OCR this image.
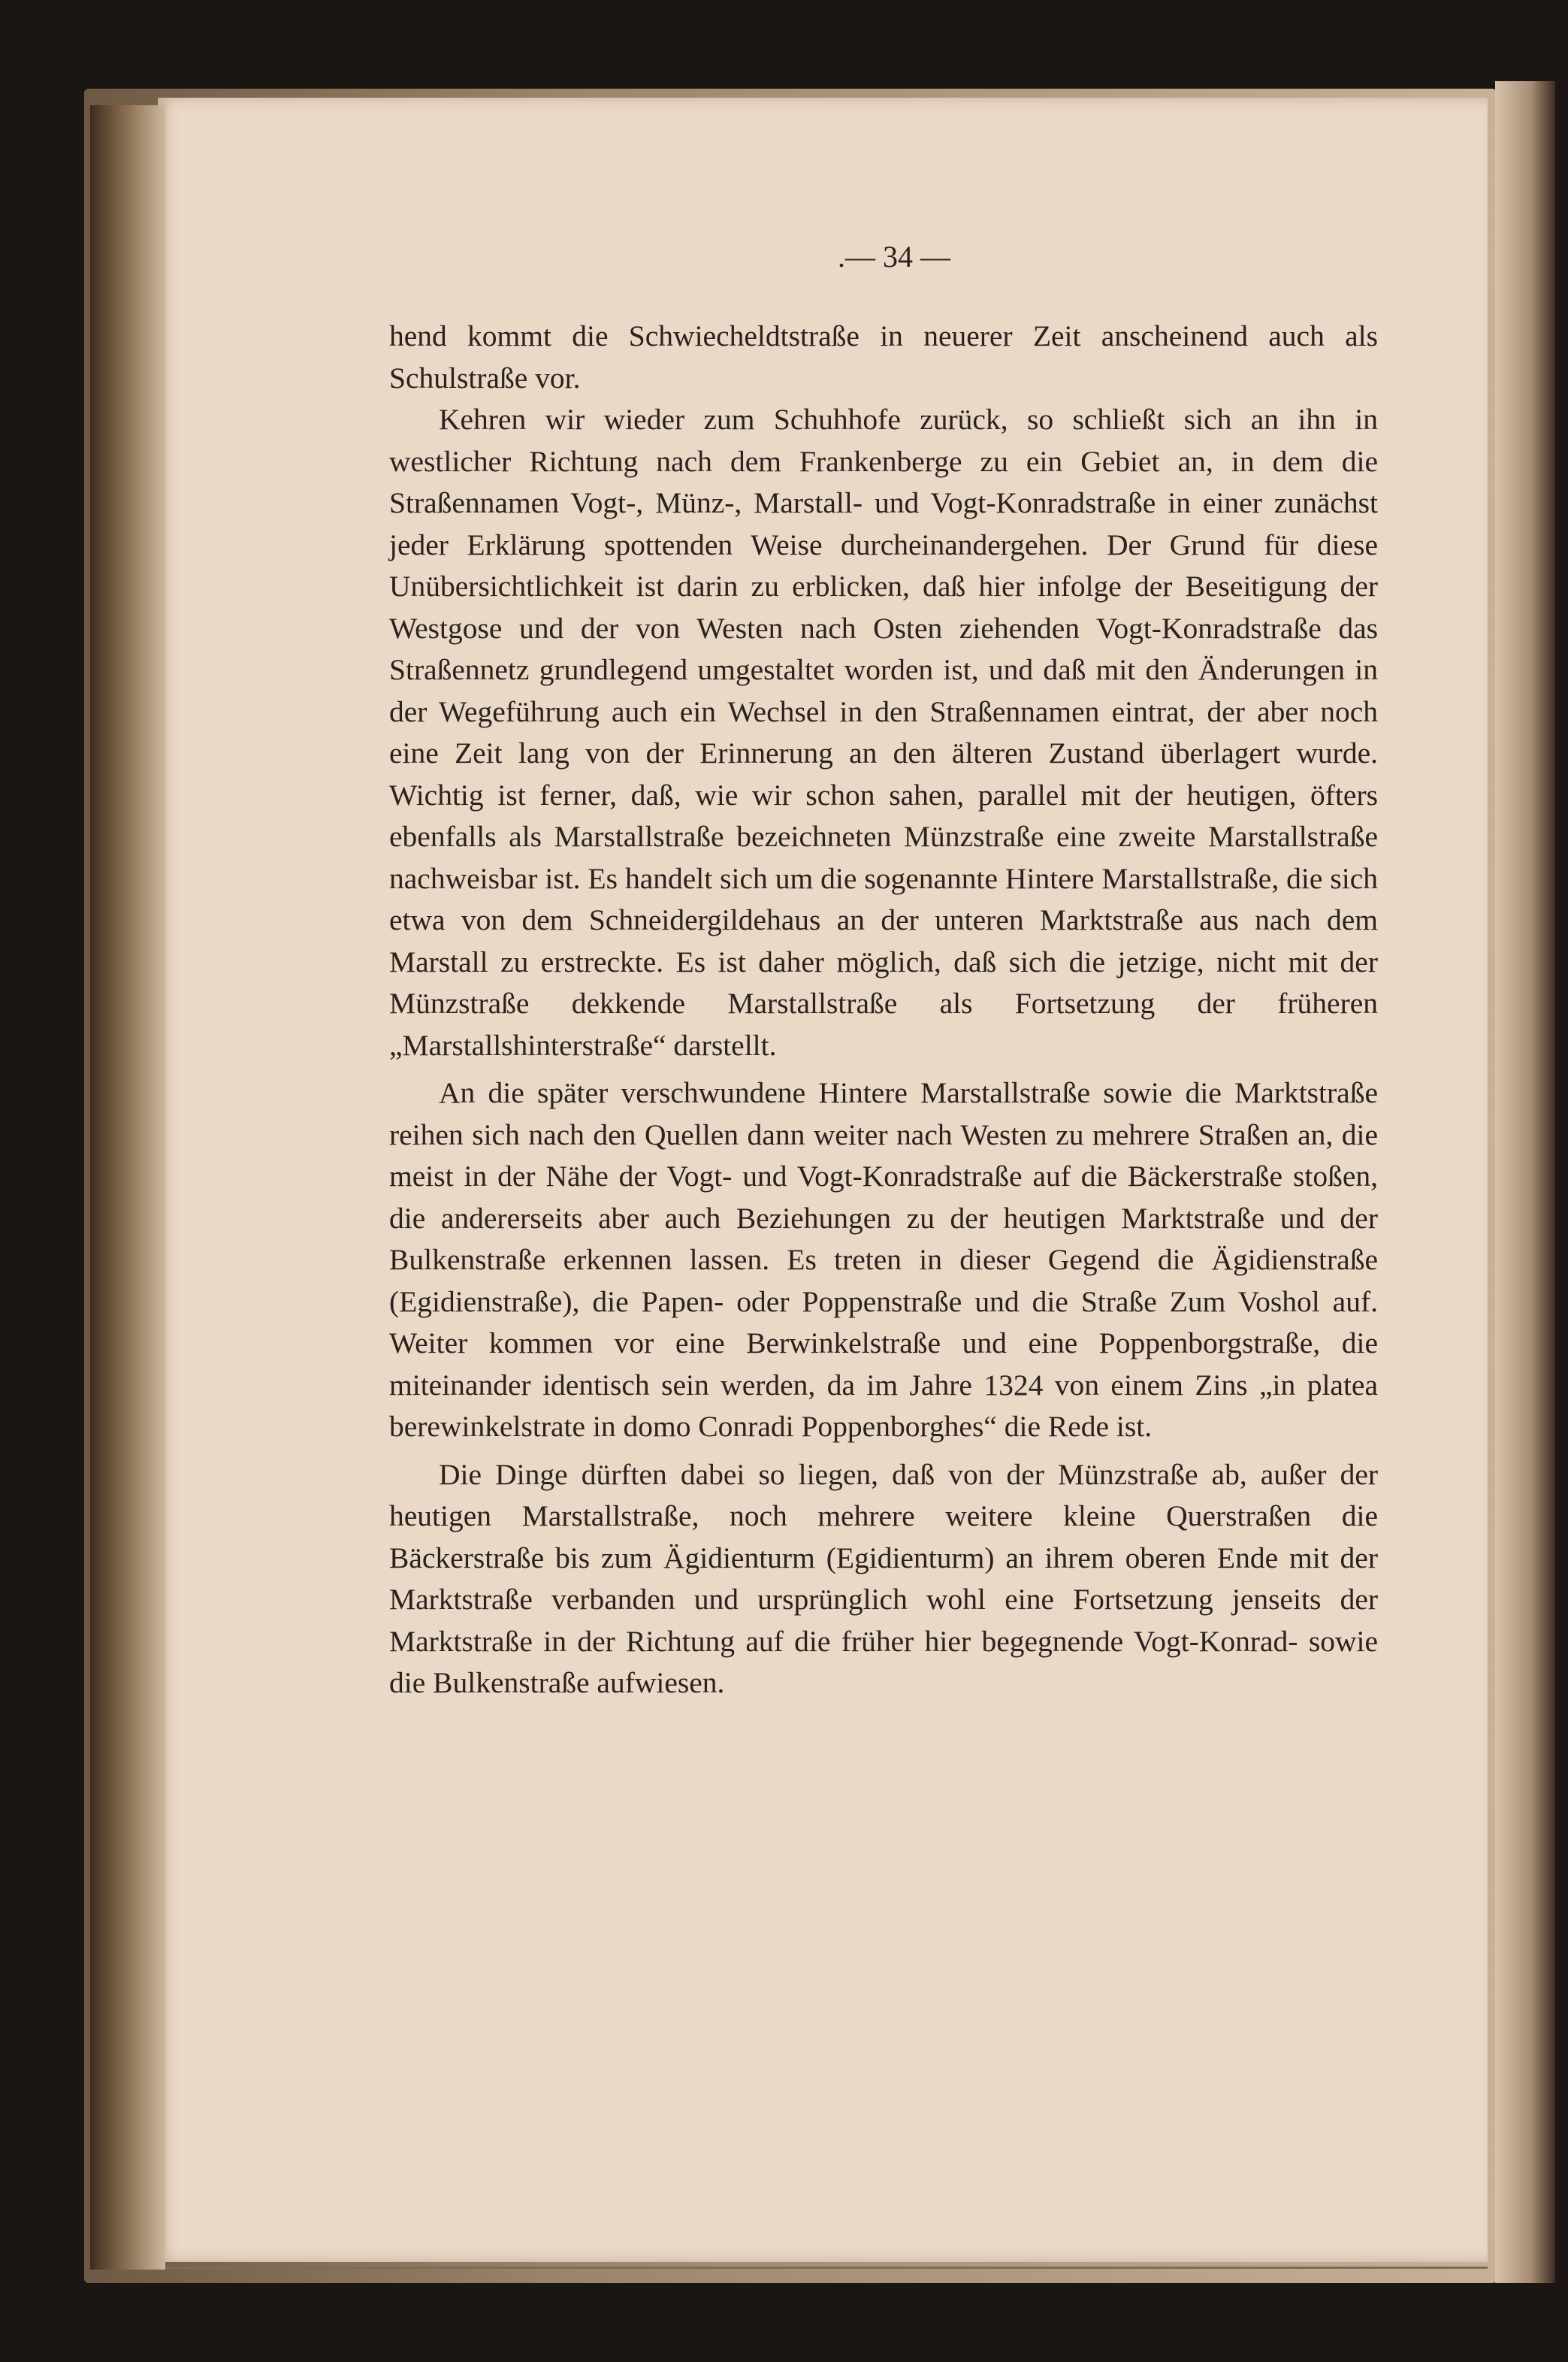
.— 34 —

hend kommt die Schwiecheldtstraße in neuerer Zeit anscheinend auch als Schulstraße vor.

Kehren wir wieder zum Schuhhofe zurück, so schließt sich an ihn in westlicher Richtung nach dem Frankenberge zu ein Gebiet an, in dem die Straßennamen Vogt-, Münz-, Marstall- und Vogt-Konradstraße in einer zunächst jeder Erklärung spottenden Weise durcheinandergehen. Der Grund für diese Unübersichtlichkeit ist darin zu erblicken, daß hier infolge der Beseitigung der Westgose und der von Westen nach Osten ziehenden Vogt-Konradstraße das Straßennetz grundlegend umgestaltet worden ist, und daß mit den Änderungen in der Wegeführung auch ein Wechsel in den Straßennamen eintrat, der aber noch eine Zeit lang von der Erinnerung an den älteren Zustand überlagert wurde. Wichtig ist ferner, daß, wie wir schon sahen, parallel mit der heutigen, öfters ebenfalls als Marstallstraße bezeichneten Münzstraße eine zweite Marstallstraße nachweisbar ist. Es handelt sich um die sogenannte Hintere Marstallstraße, die sich etwa von dem Schneidergildehaus an der unteren Marktstraße aus nach dem Marstall zu erstreckte. Es ist daher möglich, daß sich die jetzige, nicht mit der Münzstraße dekkende Marstallstraße als Fortsetzung der früheren „Marstallshinterstraße“ darstellt.

An die später verschwundene Hintere Marstallstraße sowie die Marktstraße reihen sich nach den Quellen dann weiter nach Westen zu mehrere Straßen an, die meist in der Nähe der Vogt- und Vogt-Konradstraße auf die Bäckerstraße stoßen, die andererseits aber auch Beziehungen zu der heutigen Marktstraße und der Bulkenstraße erkennen lassen. Es treten in dieser Gegend die Ägidienstraße (Egidienstraße), die Papen- oder Poppenstraße und die Straße Zum Voshol auf. Weiter kommen vor eine Berwinkelstraße und eine Poppenborgstraße, die miteinander identisch sein werden, da im Jahre 1324 von einem Zins „in platea berewinkelstrate in domo Conradi Poppenborghes“ die Rede ist.

Die Dinge dürften dabei so liegen, daß von der Münzstraße ab, außer der heutigen Marstallstraße, noch mehrere weitere kleine Querstraßen die Bäckerstraße bis zum Ägidienturm (Egidienturm) an ihrem oberen Ende mit der Marktstraße verbanden und ursprünglich wohl eine Fortsetzung jenseits der Marktstraße in der Richtung auf die früher hier begegnende Vogt-Konrad- sowie die Bulkenstraße aufwiesen.
